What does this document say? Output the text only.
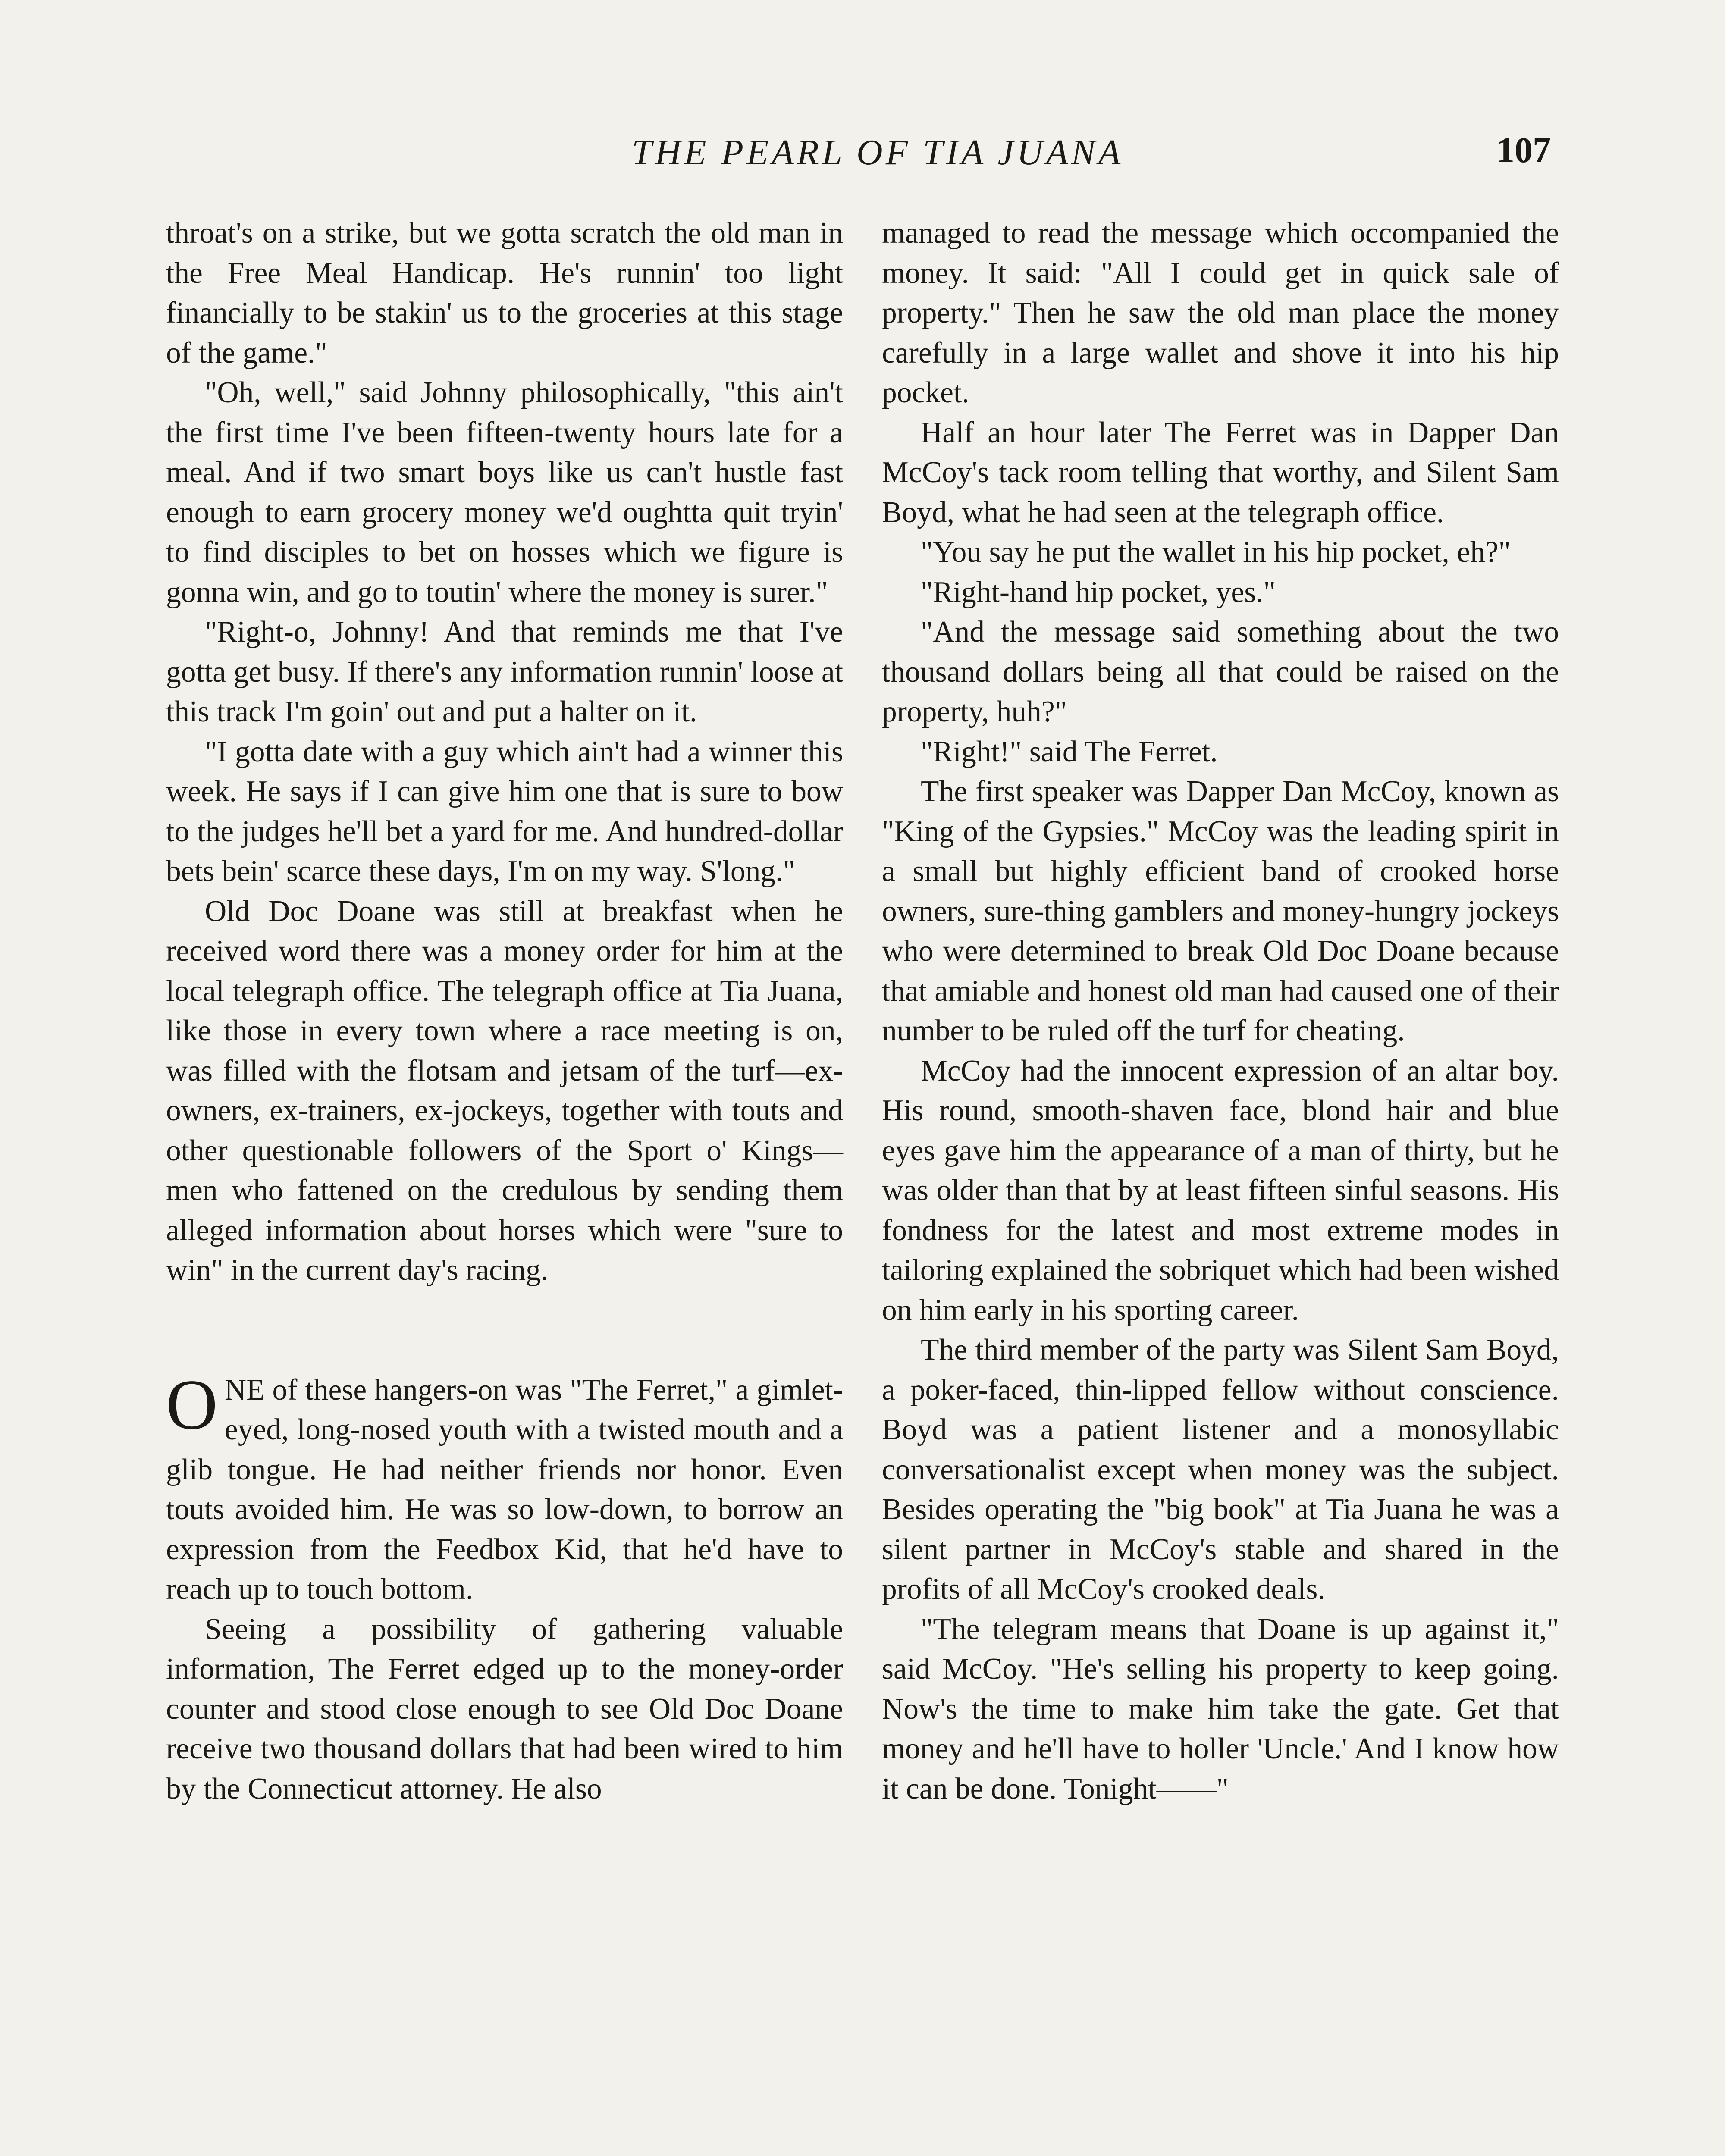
THE PEARL OF TIA JUANA	107

throat's on a strike, but we gotta scratch the old man in the Free Meal Handicap. He's runnin' too light financially to be stakin' us to the groceries at this stage of the game."

"Oh, well," said Johnny philosophically, "this ain't the first time I've been fifteen-twenty hours late for a meal. And if two smart boys like us can't hustle fast enough to earn grocery money we'd oughtta quit tryin' to find disciples to bet on hosses which we figure is gonna win, and go to toutin' where the money is surer."

"Right-o, Johnny! And that reminds me that I've gotta get busy. If there's any information runnin' loose at this track I'm goin' out and put a halter on it.

"I gotta date with a guy which ain't had a winner this week. He says if I can give him one that is sure to bow to the judges he'll bet a yard for me. And hundred-dollar bets bein' scarce these days, I'm on my way. S'long."

Old Doc Doane was still at breakfast when he received word there was a money order for him at the local telegraph office. The telegraph office at Tia Juana, like those in every town where a race meeting is on, was filled with the flotsam and jetsam of the turf—ex-owners, ex-trainers, ex-jockeys, together with touts and other questionable followers of the Sport o' Kings—men who fattened on the credulous by sending them alleged information about horses which were "sure to win" in the current day's racing.

ONE of these hangers-on was "The Ferret," a gimlet-eyed, long-nosed youth with a twisted mouth and a glib tongue. He had neither friends nor honor. Even touts avoided him. He was so low-down, to borrow an expression from the Feedbox Kid, that he'd have to reach up to touch bottom.

Seeing a possibility of gathering valuable information, The Ferret edged up to the money-order counter and stood close enough to see Old Doc Doane receive two thousand dollars that had been wired to him by the Connecticut attorney. He also

managed to read the message which occompanied the money. It said: "All I could get in quick sale of property." Then he saw the old man place the money carefully in a large wallet and shove it into his hip pocket.

Half an hour later The Ferret was in Dapper Dan McCoy's tack room telling that worthy, and Silent Sam Boyd, what he had seen at the telegraph office.

"You say he put the wallet in his hip pocket, eh?"

"Right-hand hip pocket, yes."

"And the message said something about the two thousand dollars being all that could be raised on the property, huh?"

"Right!" said The Ferret.

The first speaker was Dapper Dan McCoy, known as "King of the Gypsies." McCoy was the leading spirit in a small but highly efficient band of crooked horse owners, sure-thing gamblers and money-hungry jockeys who were determined to break Old Doc Doane because that amiable and honest old man had caused one of their number to be ruled off the turf for cheating.

McCoy had the innocent expression of an altar boy. His round, smooth-shaven face, blond hair and blue eyes gave him the appearance of a man of thirty, but he was older than that by at least fifteen sinful seasons. His fondness for the latest and most extreme modes in tailoring explained the sobriquet which had been wished on him early in his sporting career.

The third member of the party was Silent Sam Boyd, a poker-faced, thin-lipped fellow without conscience. Boyd was a patient listener and a monosyllabic conversationalist except when money was the subject. Besides operating the "big book" at Tia Juana he was a silent partner in McCoy's stable and shared in the profits of all McCoy's crooked deals.

"The telegram means that Doane is up against it," said McCoy. "He's selling his property to keep going. Now's the time to make him take the gate. Get that money and he'll have to holler 'Uncle.' And I know how it can be done. Tonight——"
